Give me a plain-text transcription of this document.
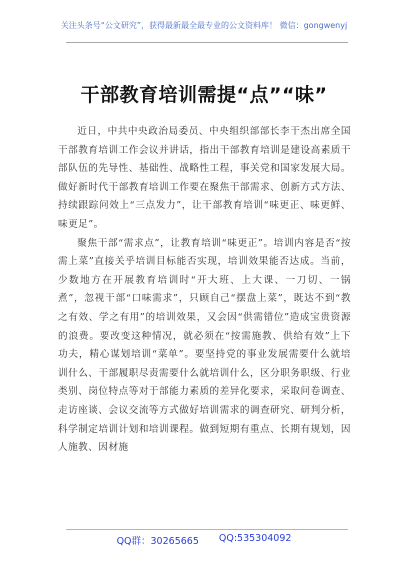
关注头条号“公文研究”，获得最新最全最专业的公文资料库！ 微信：gongwenyj
干部教育培训需提“点”“味”

近日，中共中央政治局委员、中央组织部部长李干杰出席全国干部教育培训工作会议并讲话，指出干部教育培训是建设高素质干部队伍的先导性、基础性、战略性工程，事关党和国家发展大局。做好新时代干部教育培训工作要在聚焦干部需求、创新方式方法、持续跟踪问效上“三点发力”，让干部教育培训“味更正、味更鲜、味更足”。

聚焦干部“需求点”，让教育培训“味更正”。培训内容是否“按需上菜”直接关乎培训目标能否实现，培训效果能否达成。当前，少数地方在开展教育培训时“开大班、上大课、一刀切、一锅煮”，忽视干部“口味需求”，只顾自己“摆盘上菜”，既达不到“教之有效、学之有用”的培训效果，又会因“供需错位”造成宝贵资源的浪费。要改变这种情况，就必须在“按需施教、供给有效”上下功夫，精心谋划培训“菜单”。要坚持党的事业发展需要什么就培训什么、干部履职尽责需要什么就培训什么，区分职务职级、行业类别、岗位特点等对于部能力素质的差异化要求，采取问卷调查、走访座谈、会议交流等方式做好培训需求的调查研究、研判分析，科学制定培训计划和培训课程。做到短期有重点、长期有规划，因人施教、因材施

QQ群：30265665 QQ:535304092
